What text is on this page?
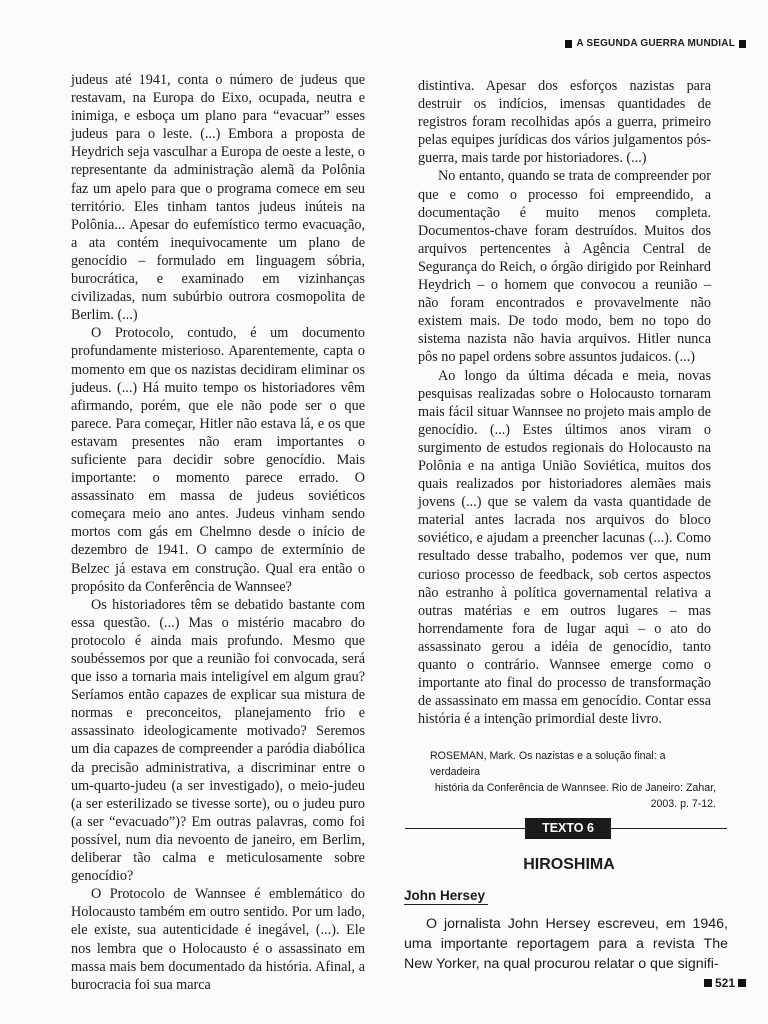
A SEGUNDA GUERRA MUNDIAL

judeus até 1941, conta o número de judeus que restavam, na Europa do Eixo, ocupada, neutra e inimiga, e esboça um plano para “evacuar” esses judeus para o leste. (...) Embora a proposta de Heydrich seja vasculhar a Europa de oeste a leste, o representante da administração alemã da Polônia faz um apelo para que o programa comece em seu território. Eles tinham tantos judeus inúteis na Polônia... Apesar do eufemístico termo evacuação, a ata contém inequivocamente um plano de genocídio – formulado em linguagem sóbria, burocrática, e examinado em vizinhanças civilizadas, num subúrbio outrora cosmopolita de Berlim. (...)

O Protocolo, contudo, é um documento profundamente misterioso. Aparentemente, capta o momento em que os nazistas decidiram eliminar os judeus. (...) Há muito tempo os historiadores vêm afirmando, porém, que ele não pode ser o que parece. Para começar, Hitler não estava lá, e os que estavam presentes não eram importantes o suficiente para decidir sobre genocídio. Mais importante: o momento parece errado. O assassinato em massa de judeus soviéticos começara meio ano antes. Judeus vinham sendo mortos com gás em Chelmno desde o início de dezembro de 1941. O campo de extermínio de Belzec já estava em construção. Qual era então o propósito da Conferência de Wannsee?

Os historiadores têm se debatido bastante com essa questão. (...) Mas o mistério macabro do protocolo é ainda mais profundo. Mesmo que soubéssemos por que a reunião foi convocada, será que isso a tornaria mais inteligível em algum grau? Seríamos então capazes de explicar sua mistura de normas e preconceitos, planejamento frio e assassinato ideologicamente motivado? Seremos um dia capazes de compreender a paródia diabólica da precisão administrativa, a discriminar entre o um-quarto-judeu (a ser investigado), o meio-judeu (a ser esterilizado se tivesse sorte), ou o judeu puro (a ser “evacuado”)? Em outras palavras, como foi possível, num dia nevoento de janeiro, em Berlim, deliberar tão calma e meticulosamente sobre genocídio?

O Protocolo de Wannsee é emblemático do Holocausto também em outro sentido. Por um lado, ele existe, sua autenticidade é inegável, (...). Ele nos lembra que o Holocausto é o assassinato em massa mais bem documentado da história. Afinal, a burocracia foi sua marca

distintiva. Apesar dos esforços nazistas para destruir os indícios, imensas quantidades de registros foram recolhidas após a guerra, primeiro pelas equipes jurídicas dos vários julgamentos pós-guerra, mais tarde por historiadores. (...)

No entanto, quando se trata de compreender por que e como o processo foi empreendido, a documentação é muito menos completa. Documentos-chave foram destruídos. Muitos dos arquivos pertencentes à Agência Central de Segurança do Reich, o órgão dirigido por Reinhard Heydrich – o homem que convocou a reunião – não foram encontrados e provavelmente não existem mais. De todo modo, bem no topo do sistema nazista não havia arquivos. Hitler nunca pôs no papel ordens sobre assuntos judaicos. (...)

Ao longo da última década e meia, novas pesquisas realizadas sobre o Holocausto tornaram mais fácil situar Wannsee no projeto mais amplo de genocídio. (...) Estes últimos anos viram o surgimento de estudos regionais do Holocausto na Polônia e na antiga União Soviética, muitos dos quais realizados por historiadores alemães mais jovens (...) que se valem da vasta quantidade de material antes lacrada nos arquivos do bloco soviético, e ajudam a preencher lacunas (...). Como resultado desse trabalho, podemos ver que, num curioso processo de feedback, sob certos aspectos não estranho à política governamental relativa a outras matérias e em outros lugares – mas horrendamente fora de lugar aqui – o ato do assassinato gerou a idéia de genocídio, tanto quanto o contrário. Wannsee emerge como o importante ato final do processo de transformação de assassinato em massa em genocídio. Contar essa história é a intenção primordial deste livro.

ROSEMAN, Mark. Os nazistas e a solução final: a verdadeira
história da Conferência de Wannsee. Rio de Janeiro: Zahar,
2003. p. 7-12.
TEXTO 6
HIROSHIMA
John Hersey

O jornalista John Hersey escreveu, em 1946, uma importante reportagem para a revista The New Yorker, na qual procurou relatar o que signifi-

521
